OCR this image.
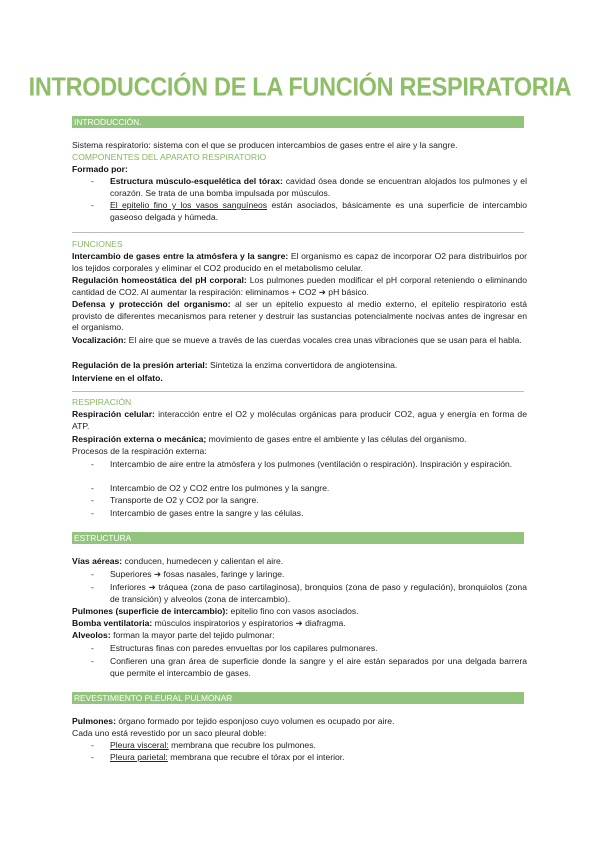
INTRODUCCIÓN DE LA FUNCIÓN RESPIRATORIA
INTRODUCCIÓN.

Sistema respiratorio: sistema con el que se producen intercambios de gases entre el aire y la sangre.

COMPONENTES DEL APARATO RESPIRATORIO

Formado por:

- Estructura músculo-esquelética del tórax: cavidad ósea donde se encuentran alojados los pulmones y el corazón. Se trata de una bomba impulsada por músculos.
- El epitelio fino y los vasos sanguíneos están asociados, básicamente es una superficie de intercambio gaseoso delgada y húmeda.

FUNCIONES

Intercambio de gases entre la atmósfera y la sangre: El organismo es capaz de incorporar O2 para distribuirlos por los tejidos corporales y eliminar el CO2 producido en el metabolismo celular.

Regulación homeostática del pH corporal: Los pulmones pueden modificar el pH corporal reteniendo o eliminando cantidad de CO2. Al aumentar la respiración: eliminamos + CO2 ➜ pH básico.

Defensa y protección del organismo: al ser un epitelio expuesto al medio externo, el epitelio respiratorio está provisto de diferentes mecanismos para retener y destruir las sustancias potencialmente nocivas antes de ingresar en el organismo.

Vocalización: El aire que se mueve a través de las cuerdas vocales crea unas vibraciones que se usan para el habla.

Regulación de la presión arterial: Sintetiza la enzima convertidora de angiotensina.

Interviene en el olfato.

RESPIRACIÓN

Respiración celular: interacción entre el O2 y moléculas orgánicas para producir CO2, agua y energía en forma de ATP.

Respiración externa o mecánica; movimiento de gases entre el ambiente y las células del organismo.

Procesos de la respiración externa:

- Intercambio de aire entre la atmósfera y los pulmones (ventilación o respiración). Inspiración y espiración.
- Intercambio de O2 y CO2 entre los pulmones y la sangre.
- Transporte de O2 y CO2 por la sangre.
- Intercambio de gases entre la sangre y las células.
ESTRUCTURA

Vías aéreas: conducen, humedecen y calientan el aire.

- Superiores ➜ fosas nasales, faringe y laringe.
- Inferiores ➜ tráquea (zona de paso cartilaginosa), bronquios (zona de paso y regulación), bronquiolos (zona de transición) y alveolos (zona de intercambio).

Pulmones (superficie de intercambio): epitelio fino con vasos asociados.

Bomba ventilatoria: músculos inspiratorios y espiratorios ➜ diafragma.

Alveolos: forman la mayor parte del tejido pulmonar:

- Estructuras finas con paredes envueltas por los capilares pulmonares.
- Confieren una gran área de superficie donde la sangre y el aire están separados por una delgada barrera que permite el intercambio de gases.
REVESTIMIENTO PLEURAL PULMONAR

Pulmones: órgano formado por tejido esponjoso cuyo volumen es ocupado por aire.

Cada uno está revestido por un saco pleural doble:

- Pleura visceral: membrana que recubre los pulmones.
- Pleura parietal: membrana que recubre el tórax por el interior.
